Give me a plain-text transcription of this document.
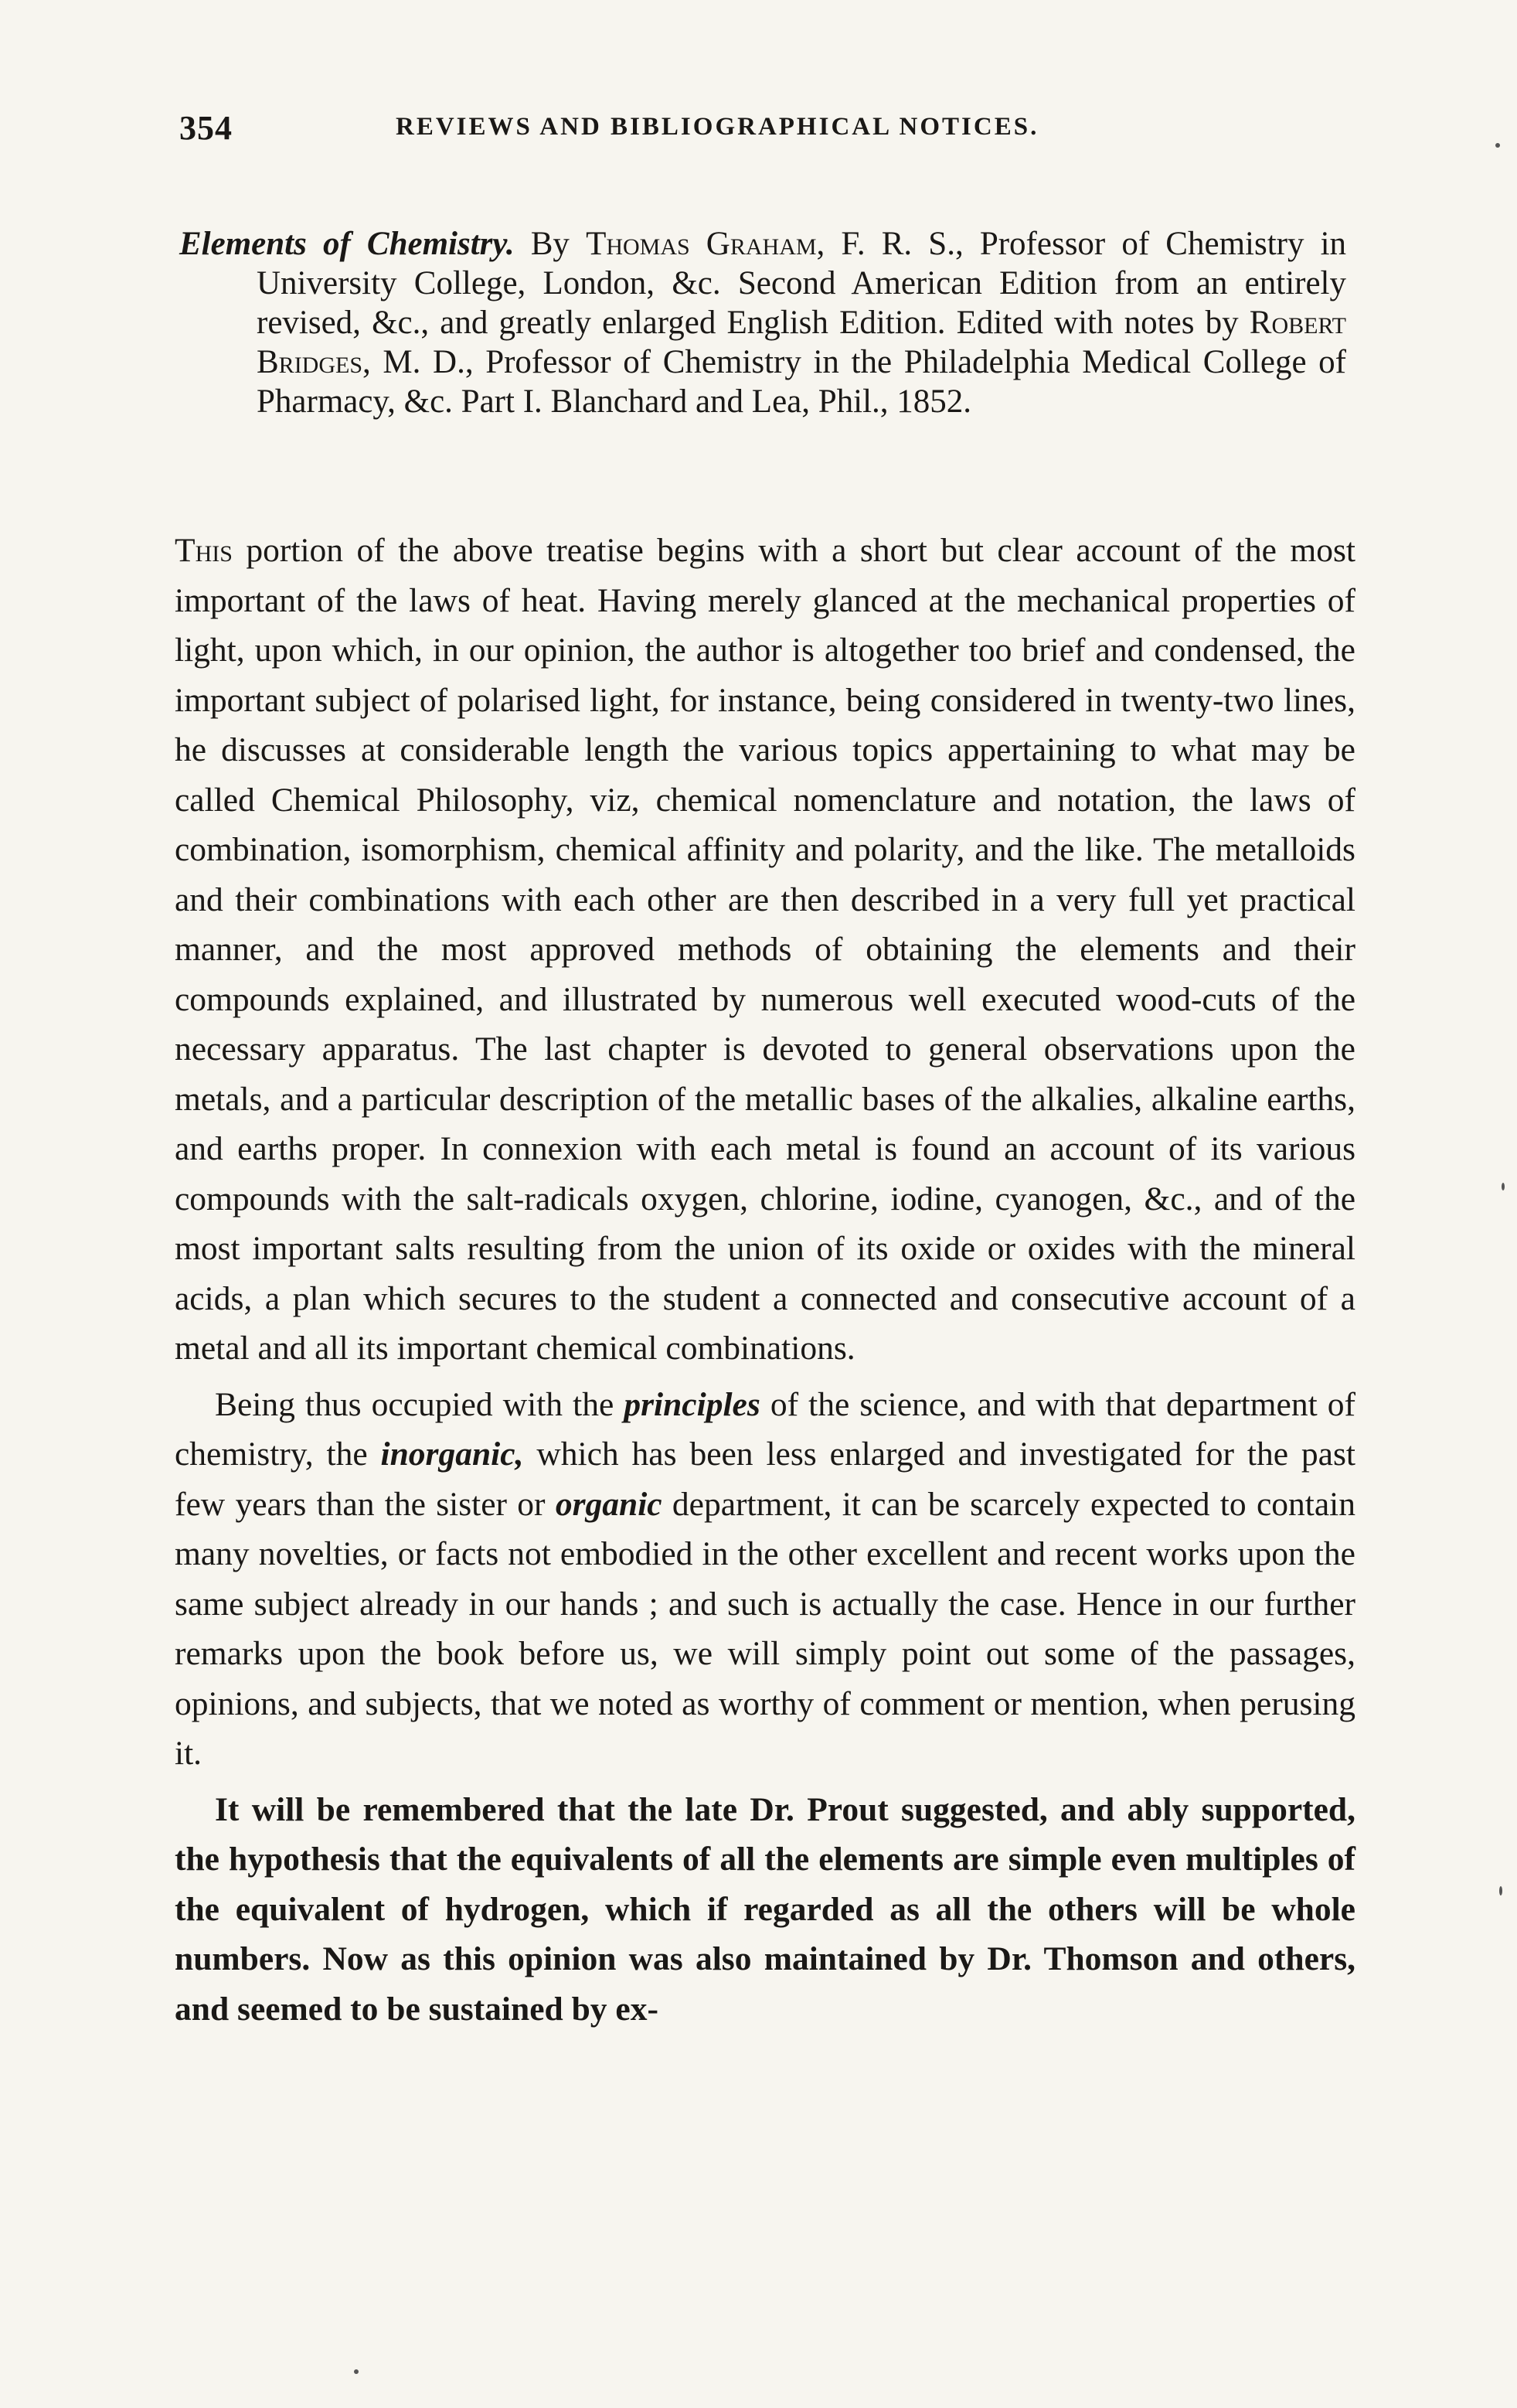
354	REVIEWS AND BIBLIOGRAPHICAL NOTICES.
Elements of Chemistry. By Thomas Graham, F. R. S., Professor of Chemistry in University College, London, &c. Second American Edition from an entirely revised, &c., and greatly enlarged English Edition. Edited with notes by Robert Bridges, M. D., Professor of Chemistry in the Philadelphia Medical College of Pharmacy, &c. Part I. Blanchard and Lea, Phil., 1852.

This portion of the above treatise begins with a short but clear account of the most important of the laws of heat. Having merely glanced at the mechanical properties of light, upon which, in our opinion, the author is altogether too brief and condensed, the important subject of polarised light, for instance, being considered in twenty-two lines, he discusses at considerable length the various topics appertaining to what may be called Chemical Philosophy, viz, chemical nomenclature and notation, the laws of combination, isomorphism, chemical affinity and polarity, and the like. The metalloids and their combinations with each other are then described in a very full yet practical manner, and the most approved methods of obtaining the elements and their compounds explained, and illustrated by numerous well executed wood-cuts of the necessary apparatus. The last chapter is devoted to general observations upon the metals, and a particular description of the metallic bases of the alkalies, alkaline earths, and earths proper. In connexion with each metal is found an account of its various compounds with the salt-radicals oxygen, chlorine, iodine, cyanogen, &c., and of the most important salts resulting from the union of its oxide or oxides with the mineral acids, a plan which secures to the student a connected and consecutive account of a metal and all its important chemical combinations.

Being thus occupied with the principles of the science, and with that department of chemistry, the inorganic, which has been less enlarged and investigated for the past few years than the sister or organic department, it can be scarcely expected to contain many novelties, or facts not embodied in the other excellent and recent works upon the same subject already in our hands ; and such is actually the case. Hence in our further remarks upon the book before us, we will simply point out some of the passages, opinions, and subjects, that we noted as worthy of comment or mention, when perusing it.

It will be remembered that the late Dr. Prout suggested, and ably supported, the hypothesis that the equivalents of all the elements are simple even multiples of the equivalent of hydrogen, which if regarded as all the others will be whole numbers. Now as this opinion was also maintained by Dr. Thomson and others, and seemed to be sustained by ex-
